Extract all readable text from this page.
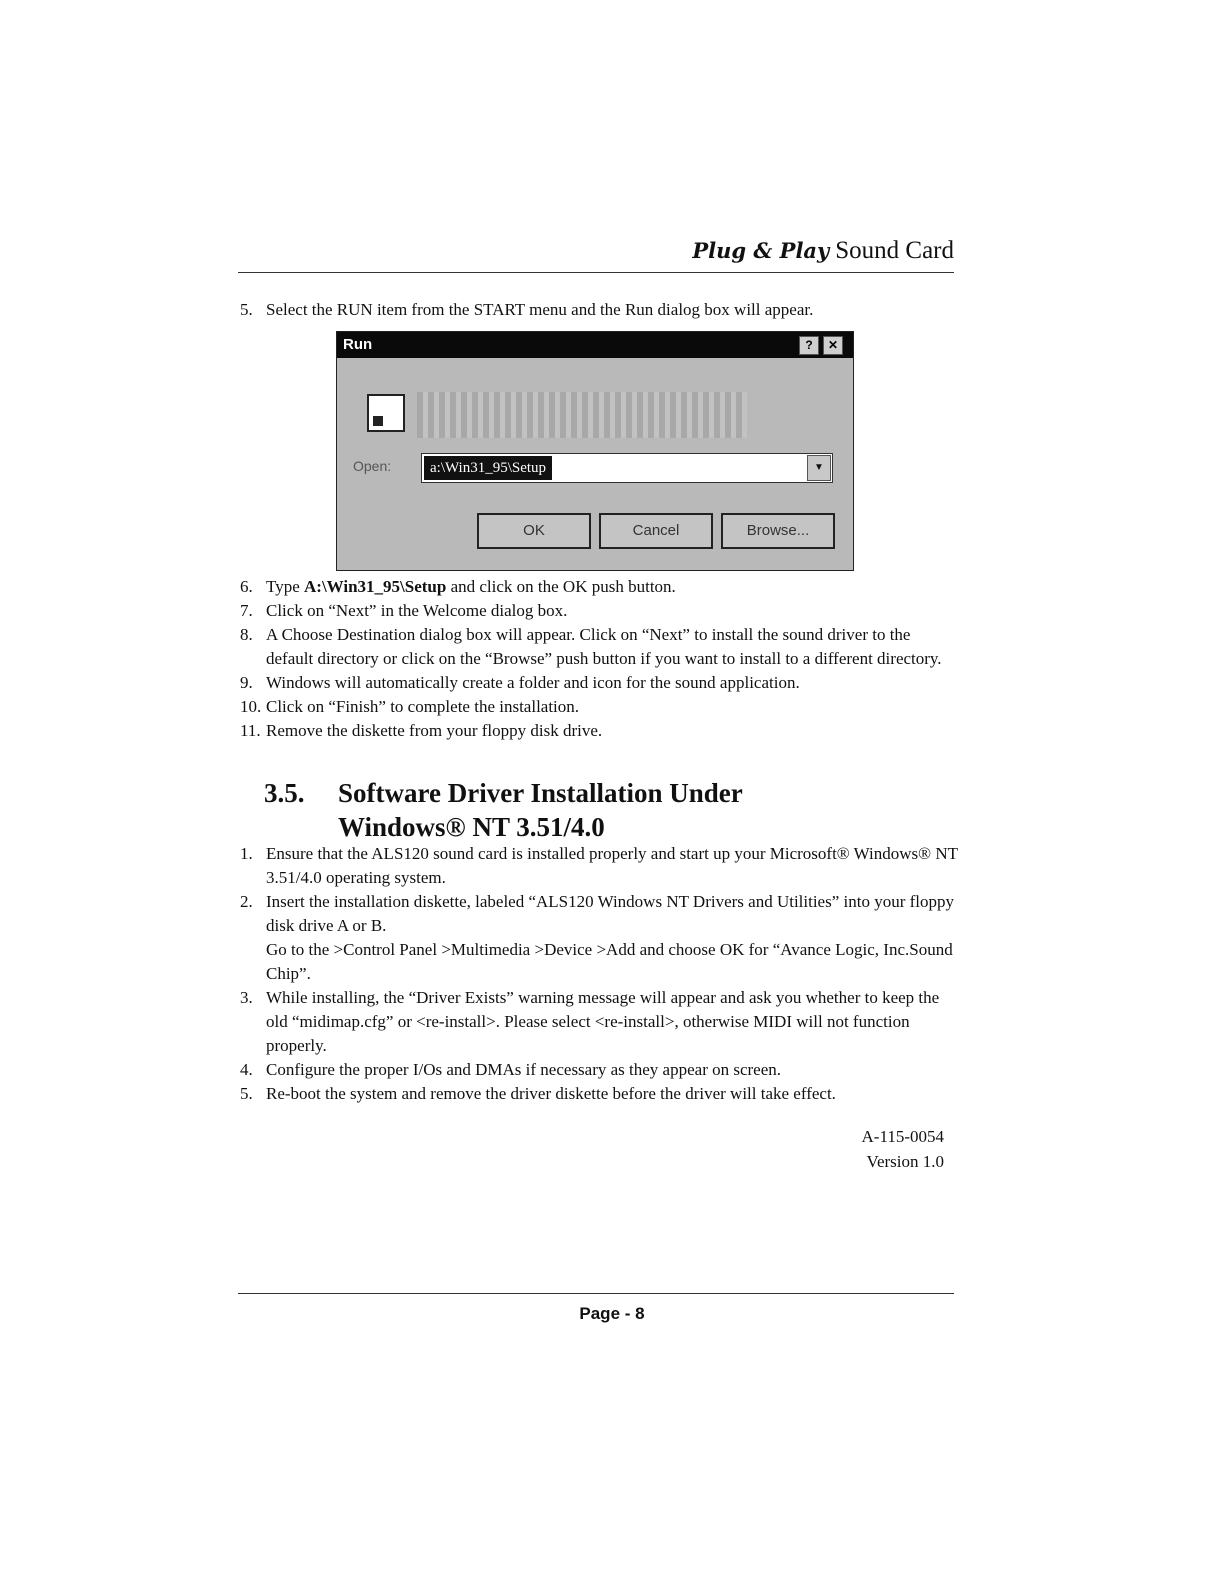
Plug & Play Sound Card
5. Select the RUN item from the START menu and the Run dialog box will appear.
Run	?	✕
Open:	a:\Win31_95\Setup	▼
OK	Cancel	Browse...
6. Type A:\Win31_95\Setup and click on the OK push button.
7. Click on “Next” in the Welcome dialog box.
8. A Choose Destination dialog box will appear. Click on “Next” to install the sound driver to the default directory or click on the “Browse” push button if you want to install to a different directory.
9. Windows will automatically create a folder and icon for the sound application.
10. Click on “Finish” to complete the installation.
11. Remove the diskette from your floppy disk drive.
3.5. Software Driver Installation Under
Windows® NT 3.51/4.0
1. Ensure that the ALS120 sound card is installed properly and start up your Microsoft® Windows® NT 3.51/4.0 operating system.
2. Insert the installation diskette, labeled “ALS120 Windows NT Drivers and Utilities” into your floppy disk drive A or B.
Go to the >Control Panel >Multimedia >Device >Add and choose OK for “Avance Logic, Inc.Sound Chip”.
3. While installing, the “Driver Exists” warning message will appear and ask you whether to keep the old “midimap.cfg” or <re-install>. Please select <re-install>, otherwise MIDI will not function properly.
4. Configure the proper I/Os and DMAs if necessary as they appear on screen.
5. Re-boot the system and remove the driver diskette before the driver will take effect.
A-115-0054
Version 1.0
Page - 8
